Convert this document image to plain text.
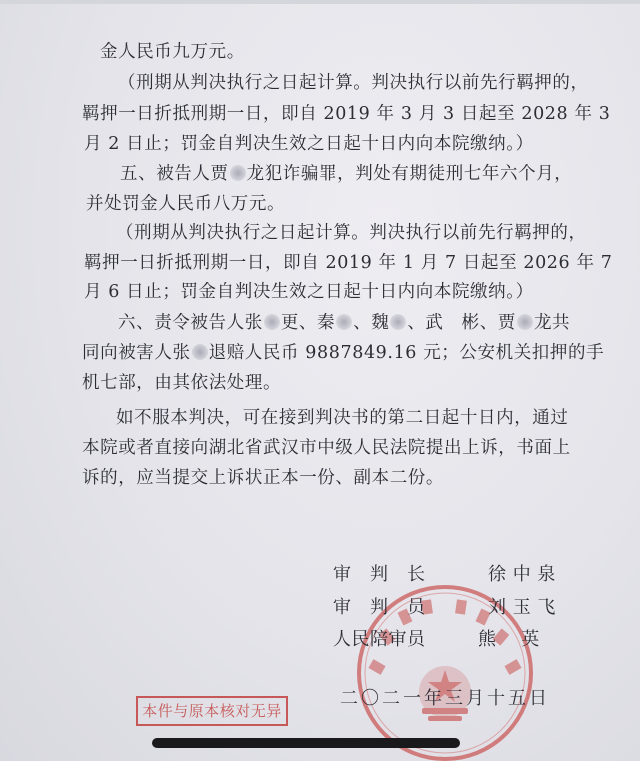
金人民币九万元。
（刑期从判决执行之日起计算。判决执行以前先行羁押的，
羁押一日折抵刑期一日，即自 2019 年 3 月 3 日起至 2028 年 3
月 2 日止；罚金自判决生效之日起十日内向本院缴纳。）
五、被告人贾 龙犯诈骗罪，判处有期徒刑七年六个月，
并处罚金人民币八万元。
（刑期从判决执行之日起计算。判决执行以前先行羁押的，
羁押一日折抵刑期一日，即自 2019 年 1 月 7 日起至 2026 年 7
月 6 日止；罚金自判决生效之日起十日内向本院缴纳。）
六、责令被告人张 更、秦 、魏 、武　彬、贾 龙共
同向被害人张 退赔人民币 9887849.16 元；公安机关扣押的手
机七部，由其依法处理。
如不服本判决，可在接到判决书的第二日起十日内，通过
本院或者直接向湖北省武汉市中级人民法院提出上诉，书面上
诉的，应当提交上诉状正本一份、副本二份。
审　判　长	徐 中 泉
审　判　员	刘 玉 飞
人民陪审员	熊　 英
二〇二一年三月十五日
本件与原本核对无异
